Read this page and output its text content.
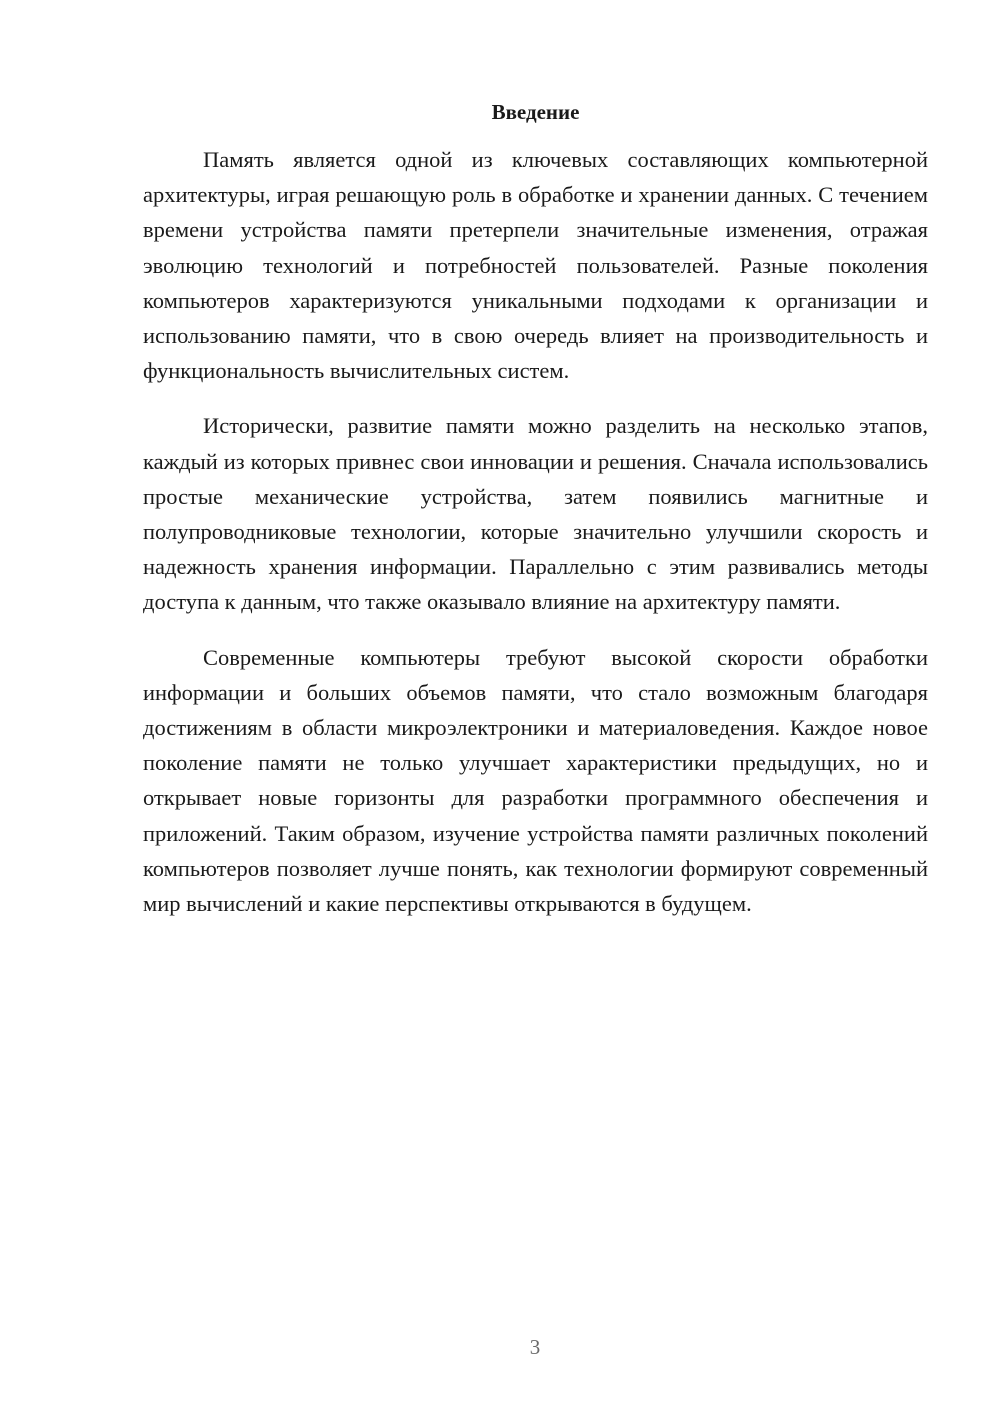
Введение

Память является одной из ключевых составляющих компьютерной архитектуры, играя решающую роль в обработке и хранении данных. С течением времени устройства памяти претерпели значительные изменения, отражая эволюцию технологий и потребностей пользователей. Разные поколения компьютеров характеризуются уникальными подходами к организации и использованию памяти, что в свою очередь влияет на производительность и функциональность вычислительных систем.

Исторически, развитие памяти можно разделить на несколько этапов, каждый из которых привнес свои инновации и решения. Сначала использовались простые механические устройства, затем появились магнитные и полупроводниковые технологии, которые значительно улучшили скорость и надежность хранения информации. Параллельно с этим развивались методы доступа к данным, что также оказывало влияние на архитектуру памяти.

Современные компьютеры требуют высокой скорости обработки информации и больших объемов памяти, что стало возможным благодаря достижениям в области микроэлектроники и материаловедения. Каждое новое поколение памяти не только улучшает характеристики предыдущих, но и открывает новые горизонты для разработки программного обеспечения и приложений. Таким образом, изучение устройства памяти различных поколений компьютеров позволяет лучше понять, как технологии формируют современный мир вычислений и какие перспективы открываются в будущем.

3
